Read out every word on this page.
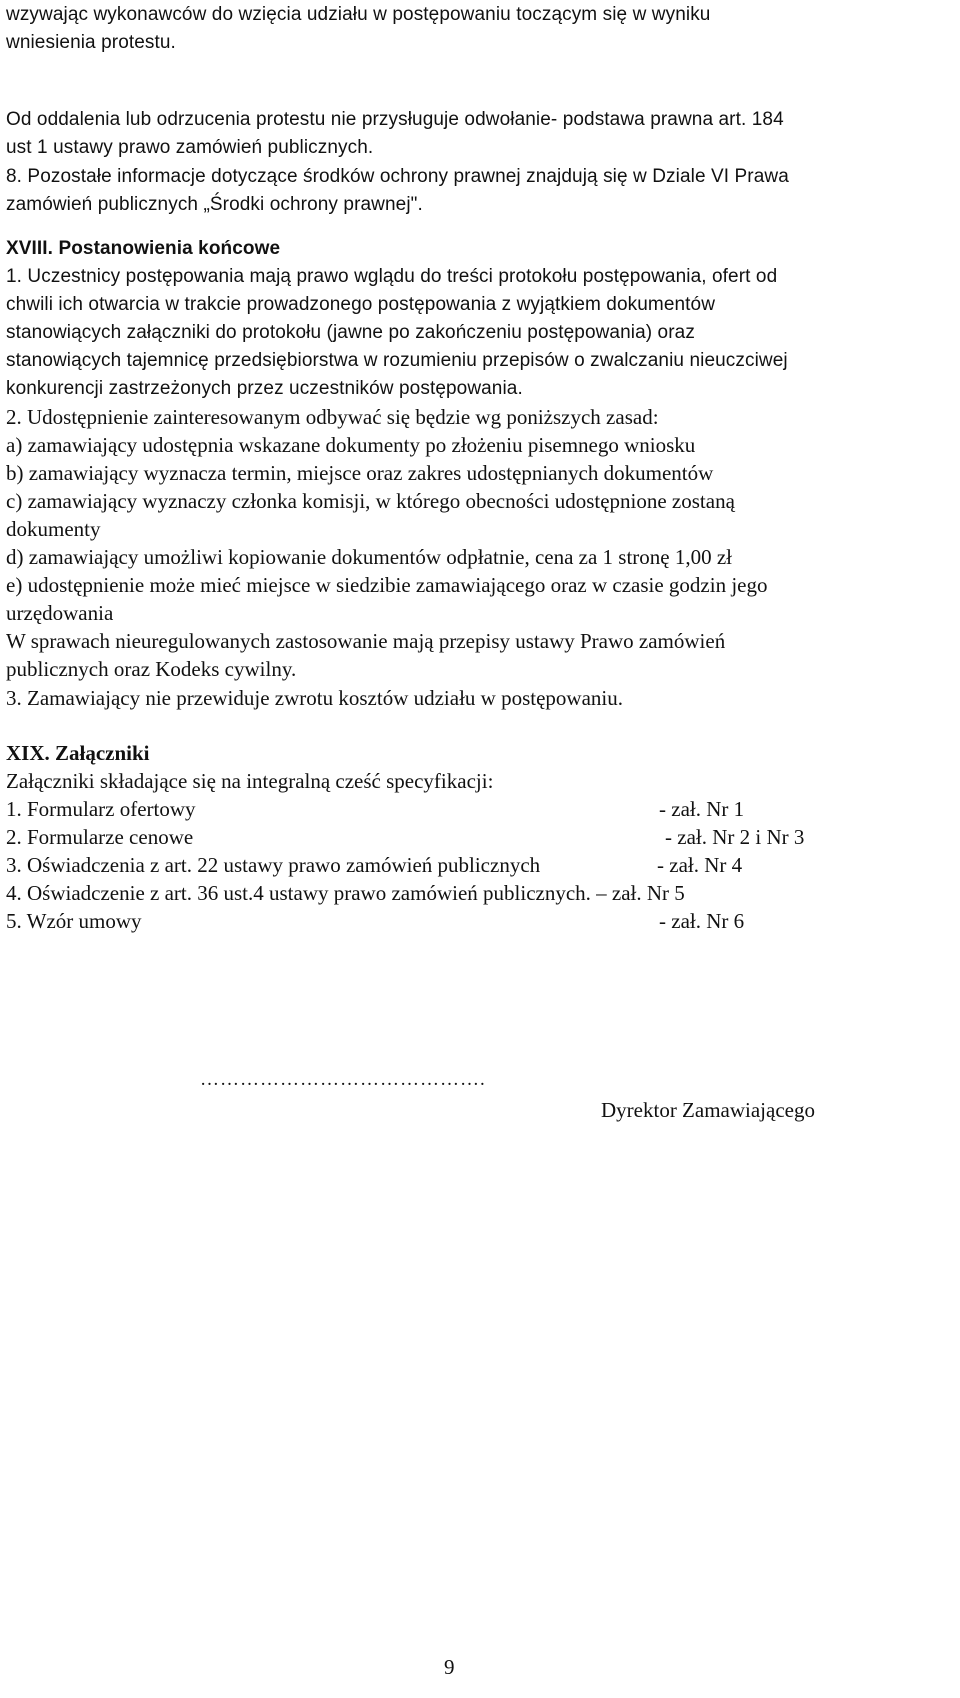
wzywając wykonawców do wzięcia udziału w postępowaniu toczącym się w wyniku

wniesienia protestu.

Od oddalenia lub odrzucenia protestu nie przysługuje odwołanie- podstawa prawna art. 184

ust 1 ustawy prawo zamówień publicznych.

8. Pozostałe informacje dotyczące środków ochrony prawnej znajdują się w Dziale VI Prawa

zamówień publicznych „Środki ochrony prawnej".

XVIII. Postanowienia końcowe

1. Uczestnicy postępowania mają prawo wglądu do treści protokołu postępowania, ofert od

chwili ich otwarcia w trakcie prowadzonego postępowania z wyjątkiem dokumentów

stanowiących załączniki do protokołu (jawne po zakończeniu postępowania) oraz

stanowiących tajemnicę przedsiębiorstwa w rozumieniu przepisów o zwalczaniu nieuczciwej

konkurencji zastrzeżonych przez uczestników postępowania.

2. Udostępnienie zainteresowanym odbywać się będzie wg poniższych zasad:

a) zamawiający udostępnia wskazane dokumenty po złożeniu pisemnego wniosku

b) zamawiający wyznacza termin, miejsce oraz zakres udostępnianych dokumentów

c) zamawiający wyznaczy członka komisji, w którego obecności udostępnione zostaną

dokumenty

d) zamawiający umożliwi kopiowanie dokumentów odpłatnie, cena za 1 stronę 1,00 zł

e) udostępnienie może mieć miejsce w siedzibie zamawiającego oraz w czasie godzin jego

urzędowania

W sprawach nieuregulowanych zastosowanie mają przepisy ustawy Prawo zamówień

publicznych oraz Kodeks cywilny.

3. Zamawiający nie przewiduje zwrotu kosztów udziału w postępowaniu.

XIX. Załączniki

Załączniki składające się na integralną cześć specyfikacji:

1. Formularz ofertowy	- zał. Nr 1
2. Formularze cenowe	- zał. Nr 2 i Nr 3
3. Oświadczenia z art. 22 ustawy prawo zamówień publicznych	- zał. Nr 4
4. Oświadczenie z art. 36 ust.4 ustawy prawo zamówień publicznych. – zał. Nr 5
5. Wzór umowy	- zał. Nr 6
…………………………………….
Dyrektor Zamawiającego
9
